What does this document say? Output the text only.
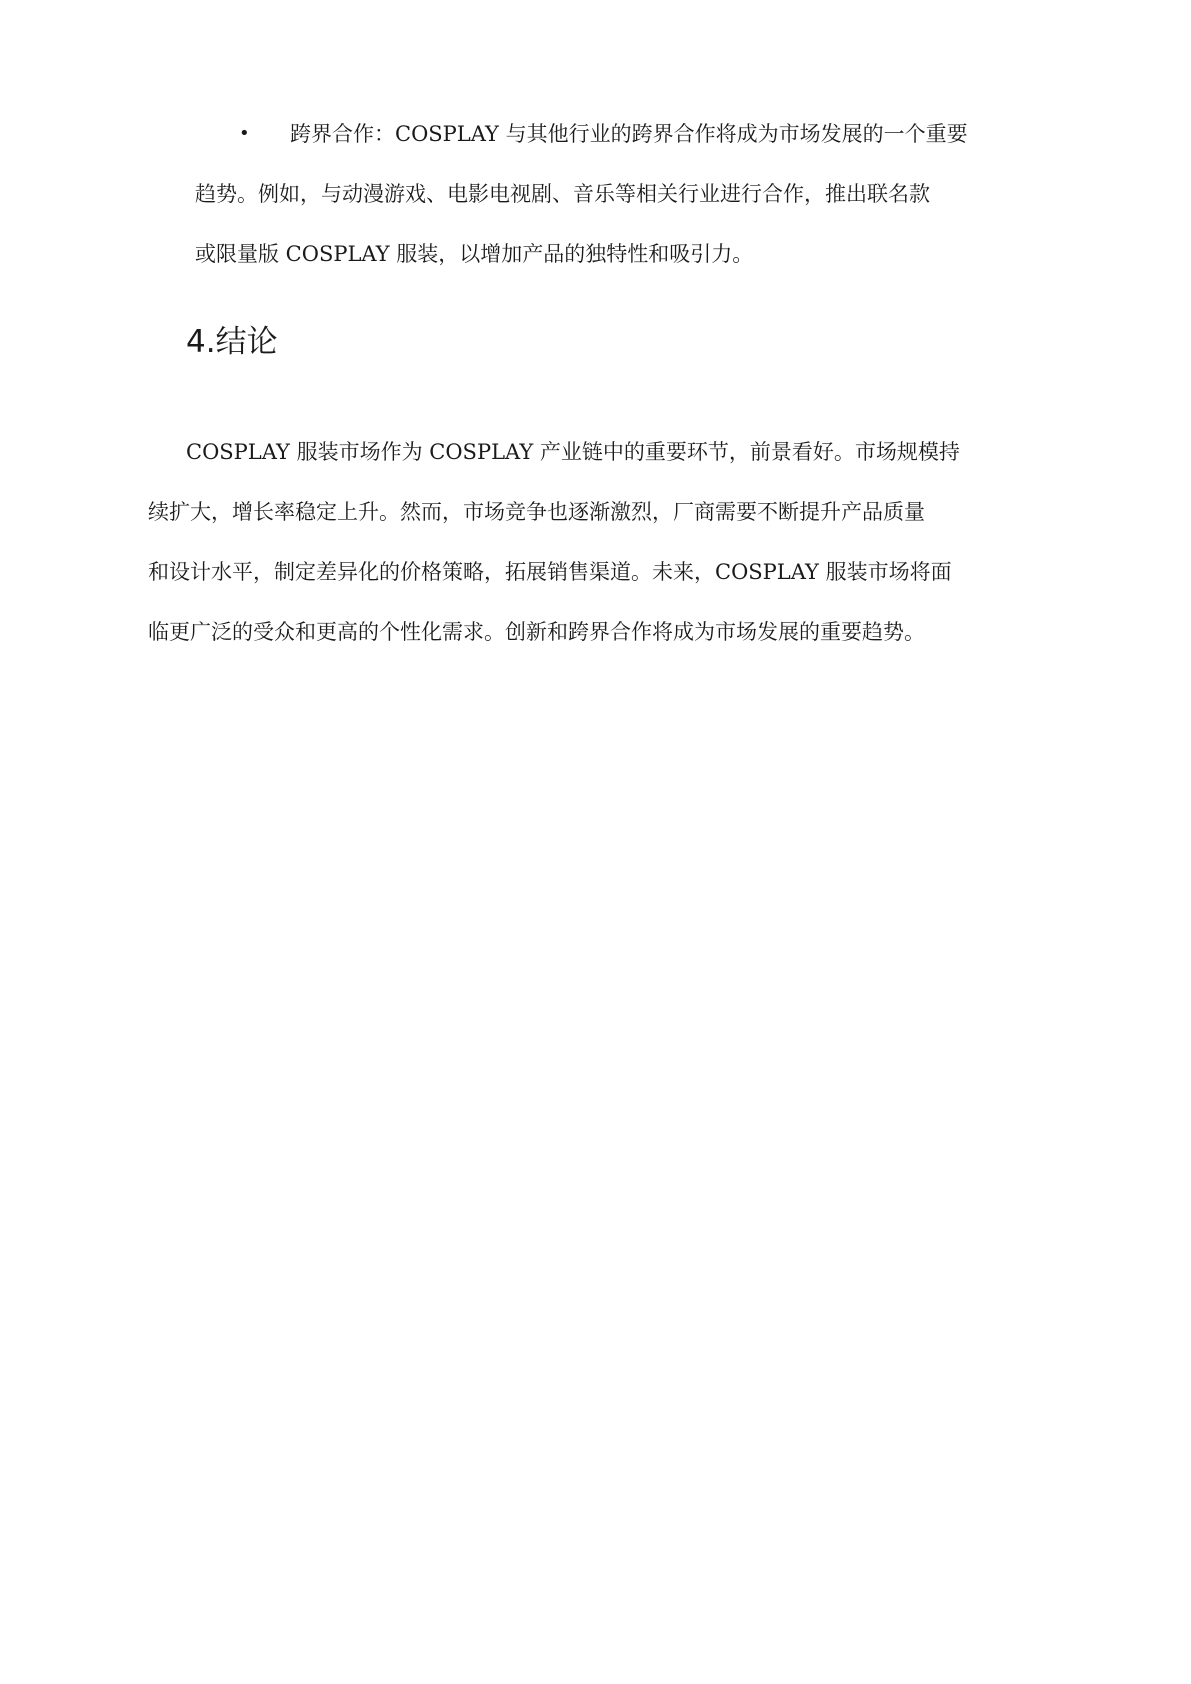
• 跨界合作：COSPLAY 与其他行业的跨界合作将成为市场发展的一个重要
趋势。例如，与动漫游戏、电影电视剧、音乐等相关行业进行合作，推出联名款
或限量版 COSPLAY 服装，以增加产品的独特性和吸引力。
4.结论
COSPLAY 服装市场作为 COSPLAY 产业链中的重要环节，前景看好。市场规模持
续扩大，增长率稳定上升。然而，市场竞争也逐渐激烈，厂商需要不断提升产品质量
和设计水平，制定差异化的价格策略，拓展销售渠道。未来，COSPLAY 服装市场将面
临更广泛的受众和更高的个性化需求。创新和跨界合作将成为市场发展的重要趋势。
